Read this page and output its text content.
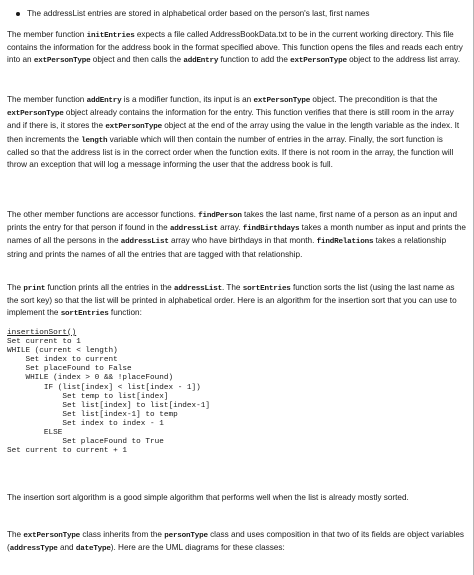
The addressList entries are stored in alphabetical order based on the person's last, first names

The member function initEntries expects a file called AddressBookData.txt to be in the current working directory. This file contains the information for the address book in the format specified above. This function opens the files and reads each entry into an extPersonType object and then calls the addEntry function to add the extPersonType object to the address list array.

The member function addEntry is a modifier function, its input is an extPersonType object. The precondition is that the extPersonType object already contains the information for the entry. This function verifies that there is still room in the array and if there is, it stores the extPersonType object at the end of the array using the value in the length variable as the index. It then increments the length variable which will then contain the number of entries in the array. Finally, the sort function is called so that the address list is in the correct order when the function exits. If there is not room in the array, the function will throw an exception that will log a message informing the user that the address book is full.

The other member functions are accessor functions. findPerson takes the last name, first name of a person as an input and prints the entry for that person if found in the addressList array. findBirthdays takes a month number as input and prints the names of all the persons in the addressList array who have birthdays in that month. findRelations takes a relationship string and prints the names of all the entries that are tagged with that relationship.

The print function prints all the entries in the addressList. The sortEntries function sorts the list (using the last name as the sort key) so that the list will be printed in alphabetical order. Here is an algorithm for the insertion sort that you can use to implement the sortEntries function:

insertionSort()
Set current to 1
WHILE (current < length)
Set index to current
Set placeFound to False
WHILE (index > 0 && !placeFound)
IF (list[index] < list[index - 1])
Set temp to list[index]
Set list[index] to list[index-1]
Set list[index-1] to temp
Set index to index - 1
ELSE
Set placeFound to True
Set current to current + 1

The insertion sort algorithm is a good simple algorithm that performs well when the list is already mostly sorted.

The extPersonType class inherits from the personType class and uses composition in that two of its fields are object variables (addressType and dateType). Here are the UML diagrams for these classes:
